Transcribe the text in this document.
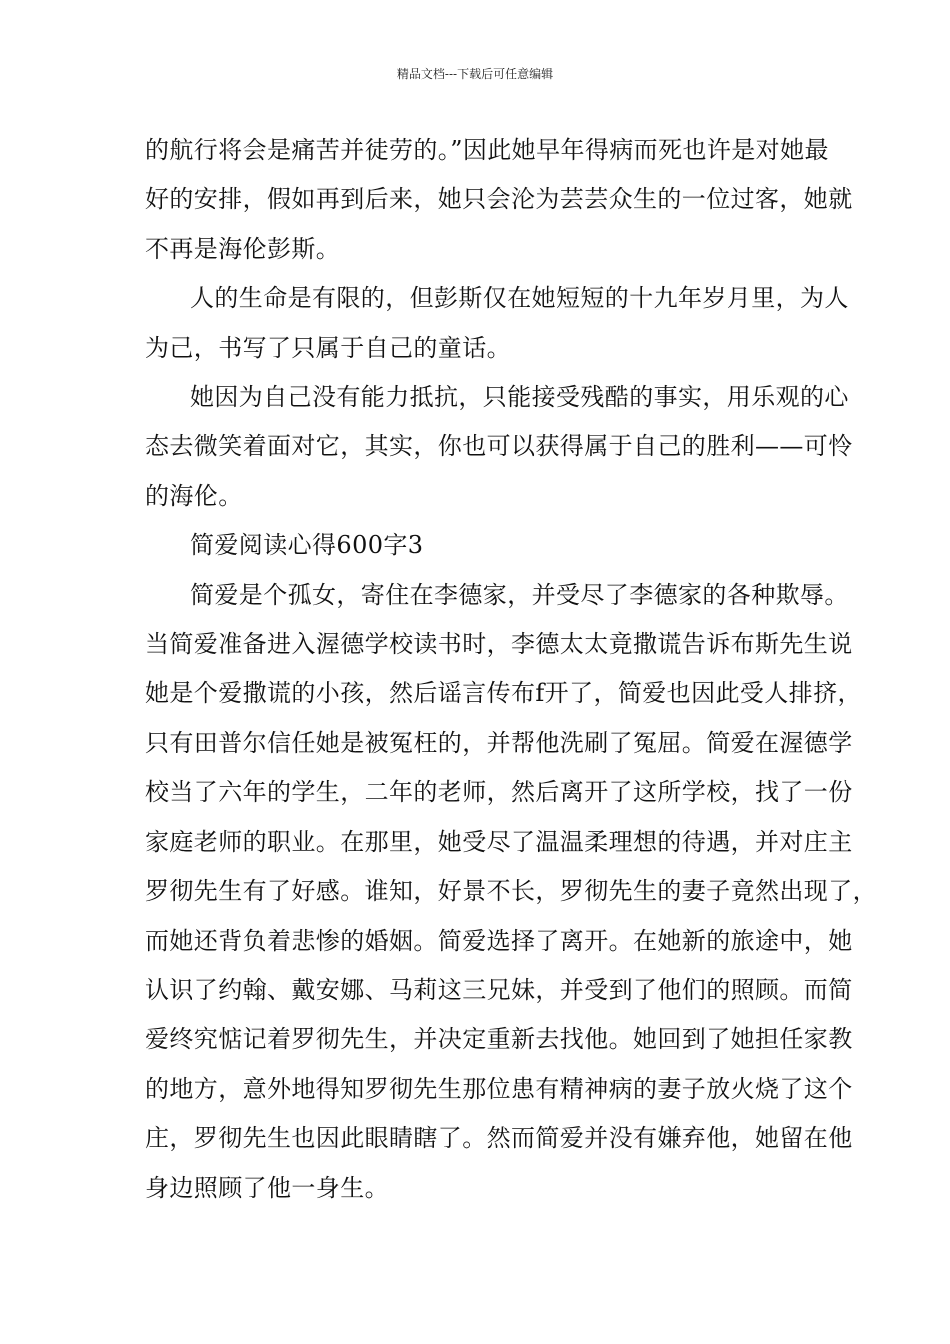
精品文档---下载后可任意编辑

的航行将会是痛苦并徒劳的。”因此她早年得病而死也许是对她最
好的安排，假如再到后来，她只会沦为芸芸众生的一位过客，她就
不再是海伦彭斯。

人的生命是有限的，但彭斯仅在她短短的十九年岁月里，为人
为己，书写了只属于自己的童话。

她因为自己没有能力抵抗，只能接受残酷的事实，用乐观的心
态去微笑着面对它，其实，你也可以获得属于自己的胜利——可怜
的海伦。

简爱阅读心得600字3

简爱是个孤女，寄住在李德家，并受尽了李德家的各种欺辱。
当简爱准备进入渥德学校读书时，李德太太竟撒谎告诉布斯先生说
她是个爱撒谎的小孩，然后谣言传布f开了，简爱也因此受人排挤，
只有田普尔信任她是被冤枉的，并帮他洗刷了冤屈。简爱在渥德学
校当了六年的学生，二年的老师，然后离开了这所学校，找了一份
家庭老师的职业。在那里，她受尽了温温柔理想的待遇，并对庄主
罗彻先生有了好感。谁知，好景不长，罗彻先生的妻子竟然出现了，
而她还背负着悲惨的婚姻。简爱选择了离开。在她新的旅途中，她
认识了约翰、戴安娜、马莉这三兄妹，并受到了他们的照顾。而简
爱终究惦记着罗彻先生，并决定重新去找他。她回到了她担任家教
的地方，意外地得知罗彻先生那位患有精神病的妻子放火烧了这个
庄，罗彻先生也因此眼睛瞎了。然而简爱并没有嫌弃他，她留在他
身边照顾了他一身生。
